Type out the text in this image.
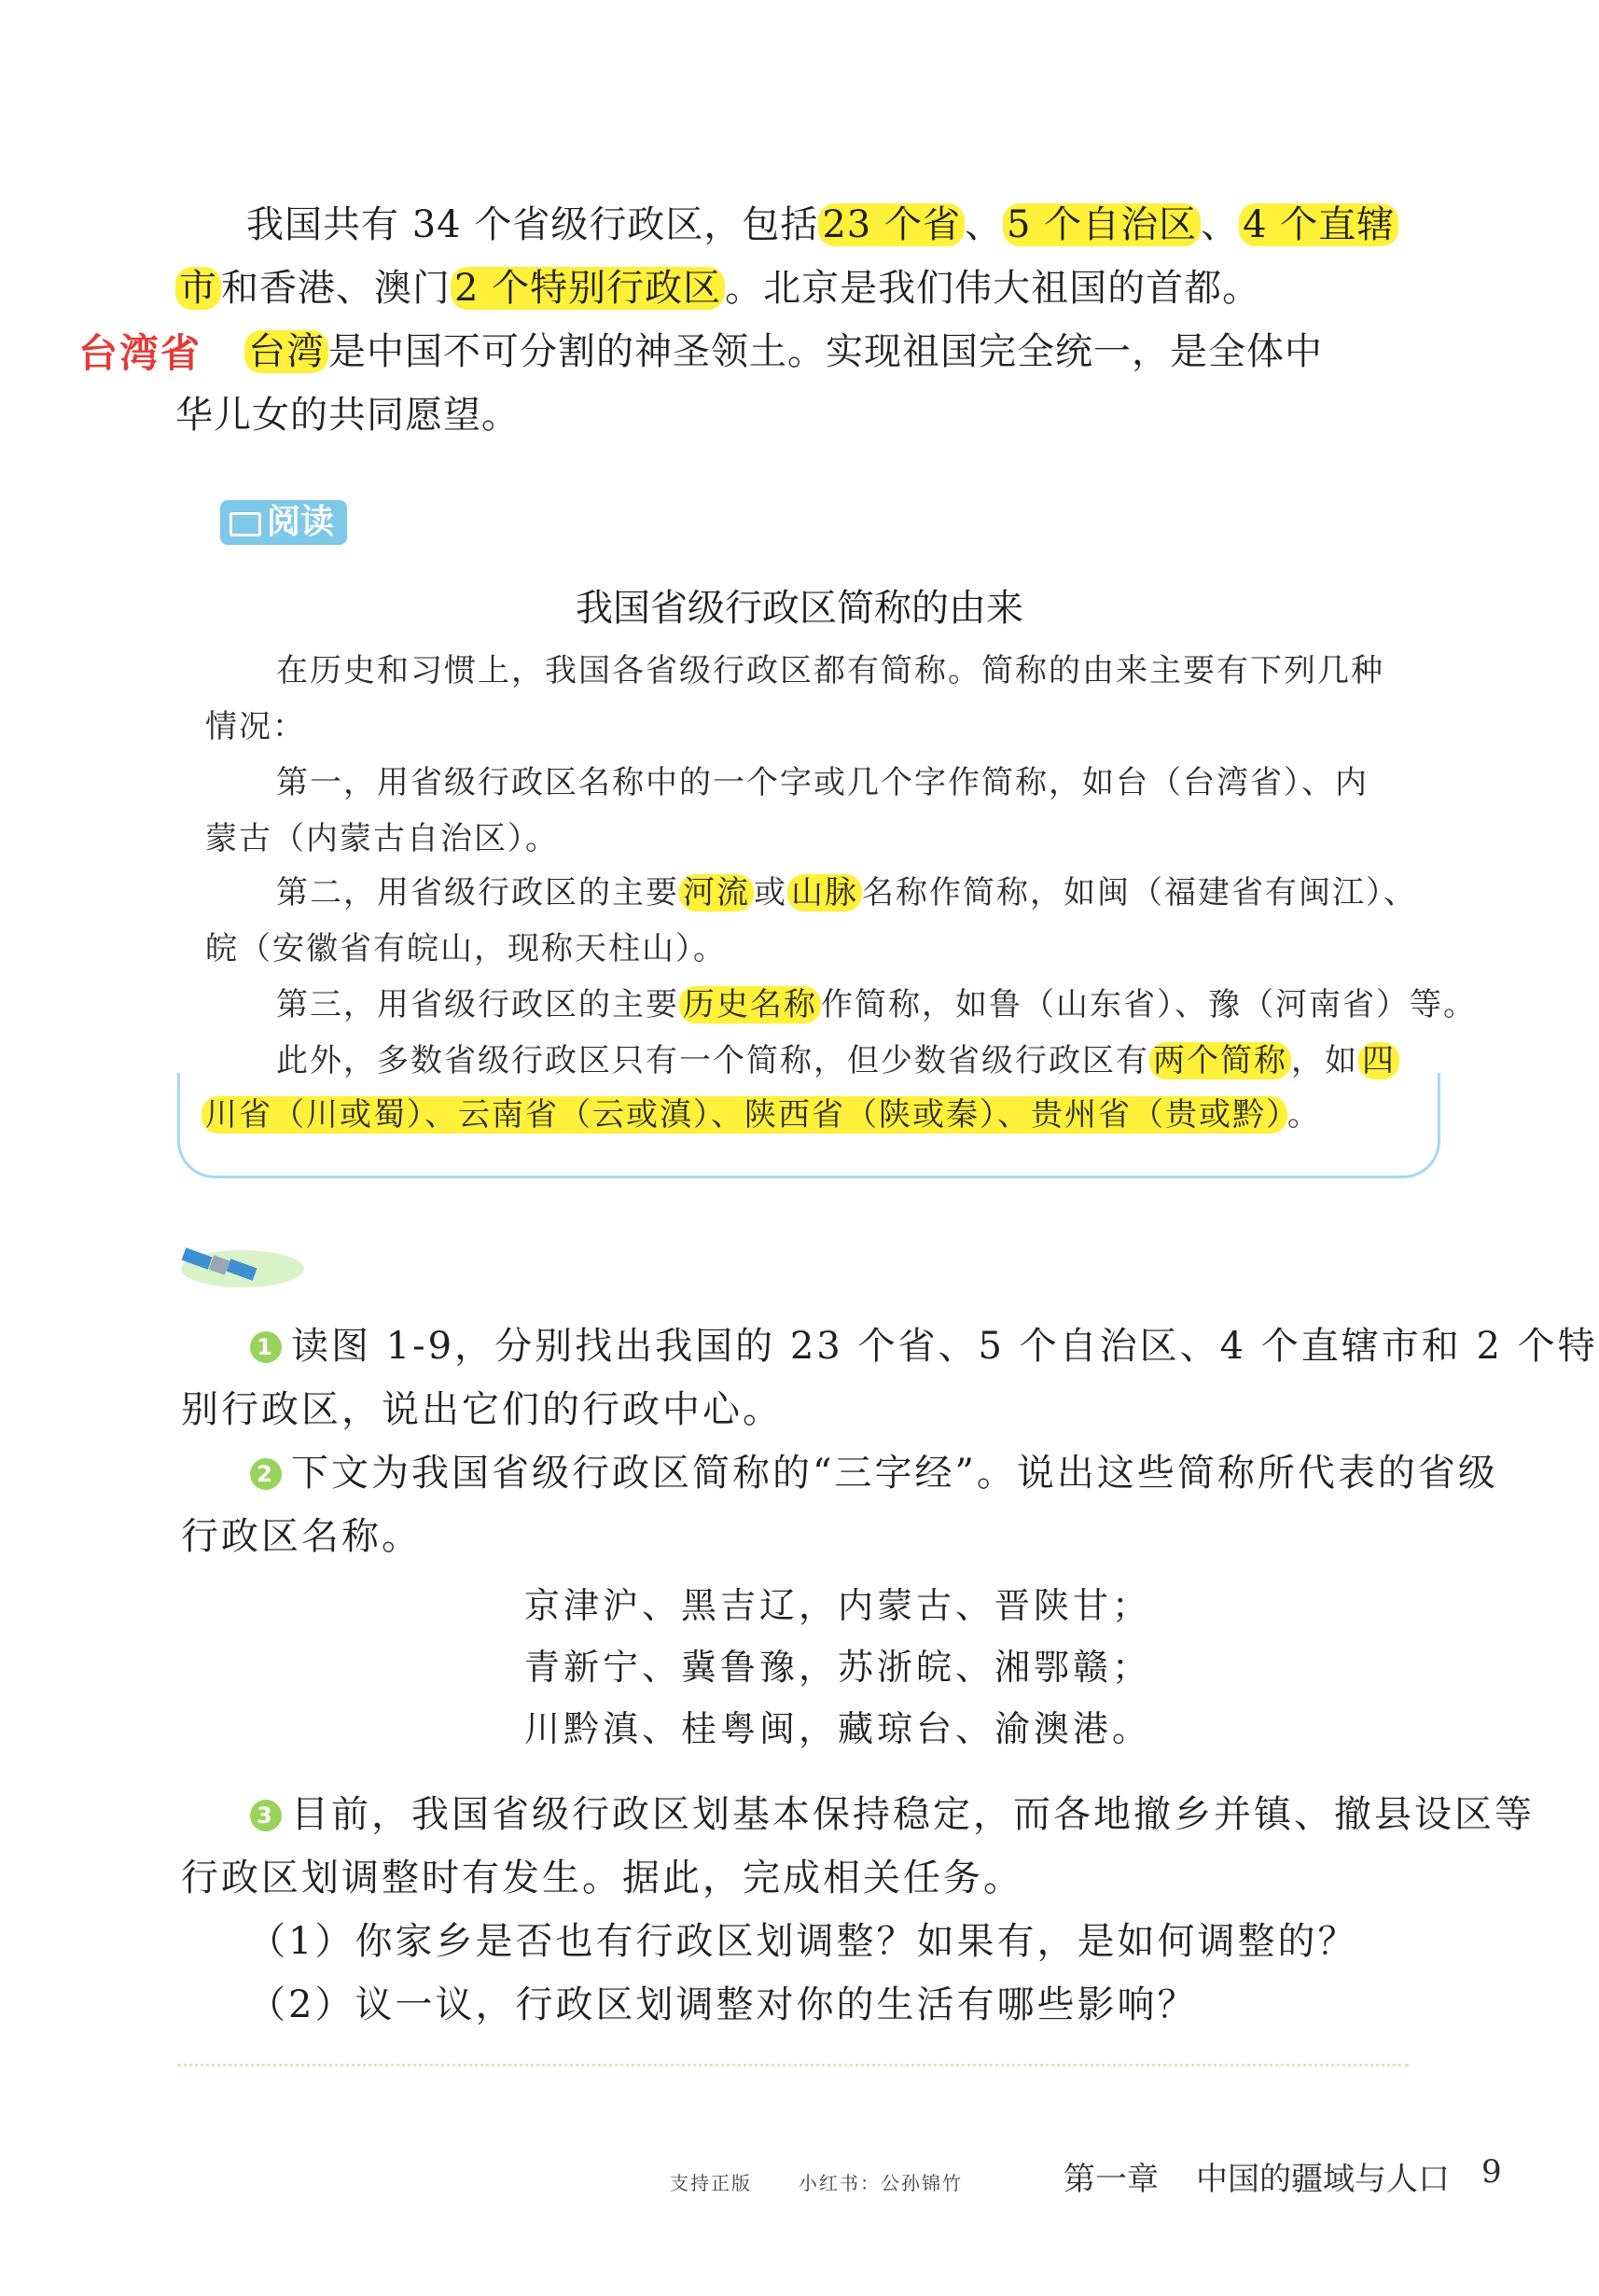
我国共有 34 个省级行政区，包括 23 个省 、 5 个自治区 、 4 个直辖
市 和香港、澳门 2 个特别行政区 。北京是我们伟大祖国的首都。
台湾省 台湾 是中国不可分割的神圣领土。实现祖国完全统一，是全体中
华儿女的共同愿望。
阅读
我国省级行政区简称的由来
在历史和习惯上，我国各省级行政区都有简称。简称的由来主要有下列几种
情况：
第一，用省级行政区名称中的一个字或几个字作简称，如台（台湾省）、内
蒙古（内蒙古自治区）。
第二，用省级行政区的主要 河流 或 山脉 名称作简称，如闽（福建省有闽江）、
皖（安徽省有皖山，现称天柱山）。
第三，用省级行政区的主要 历史名称 作简称，如鲁（山东省）、豫（河南省）等。
此外，多数省级行政区只有一个简称，但少数省级行政区有 两个简称 ，如 四
川省（川或蜀）、云南省（云或滇）、陕西省（陕或秦）、贵州省（贵或黔） 。
1 读图 1-9，分别找出我国的 23 个省、5 个自治区、4 个直辖市和 2 个特
别行政区，说出它们的行政中心。
2 下文为我国省级行政区简称的“三字经”。说出这些简称所代表的省级
行政区名称。
京津沪、黑吉辽，内蒙古、晋陕甘；
青新宁、冀鲁豫，苏浙皖、湘鄂赣；
川黔滇、桂粤闽，藏琼台、渝澳港。
3 目前，我国省级行政区划基本保持稳定，而各地撤乡并镇、撤县设区等
行政区划调整时有发生。据此，完成相关任务。
（1）你家乡是否也有行政区划调整？如果有，是如何调整的？
（2）议一议，行政区划调整对你的生活有哪些影响？
支持正版	小红书：公孙锦竹	第一章 中国的疆域与人口 9
